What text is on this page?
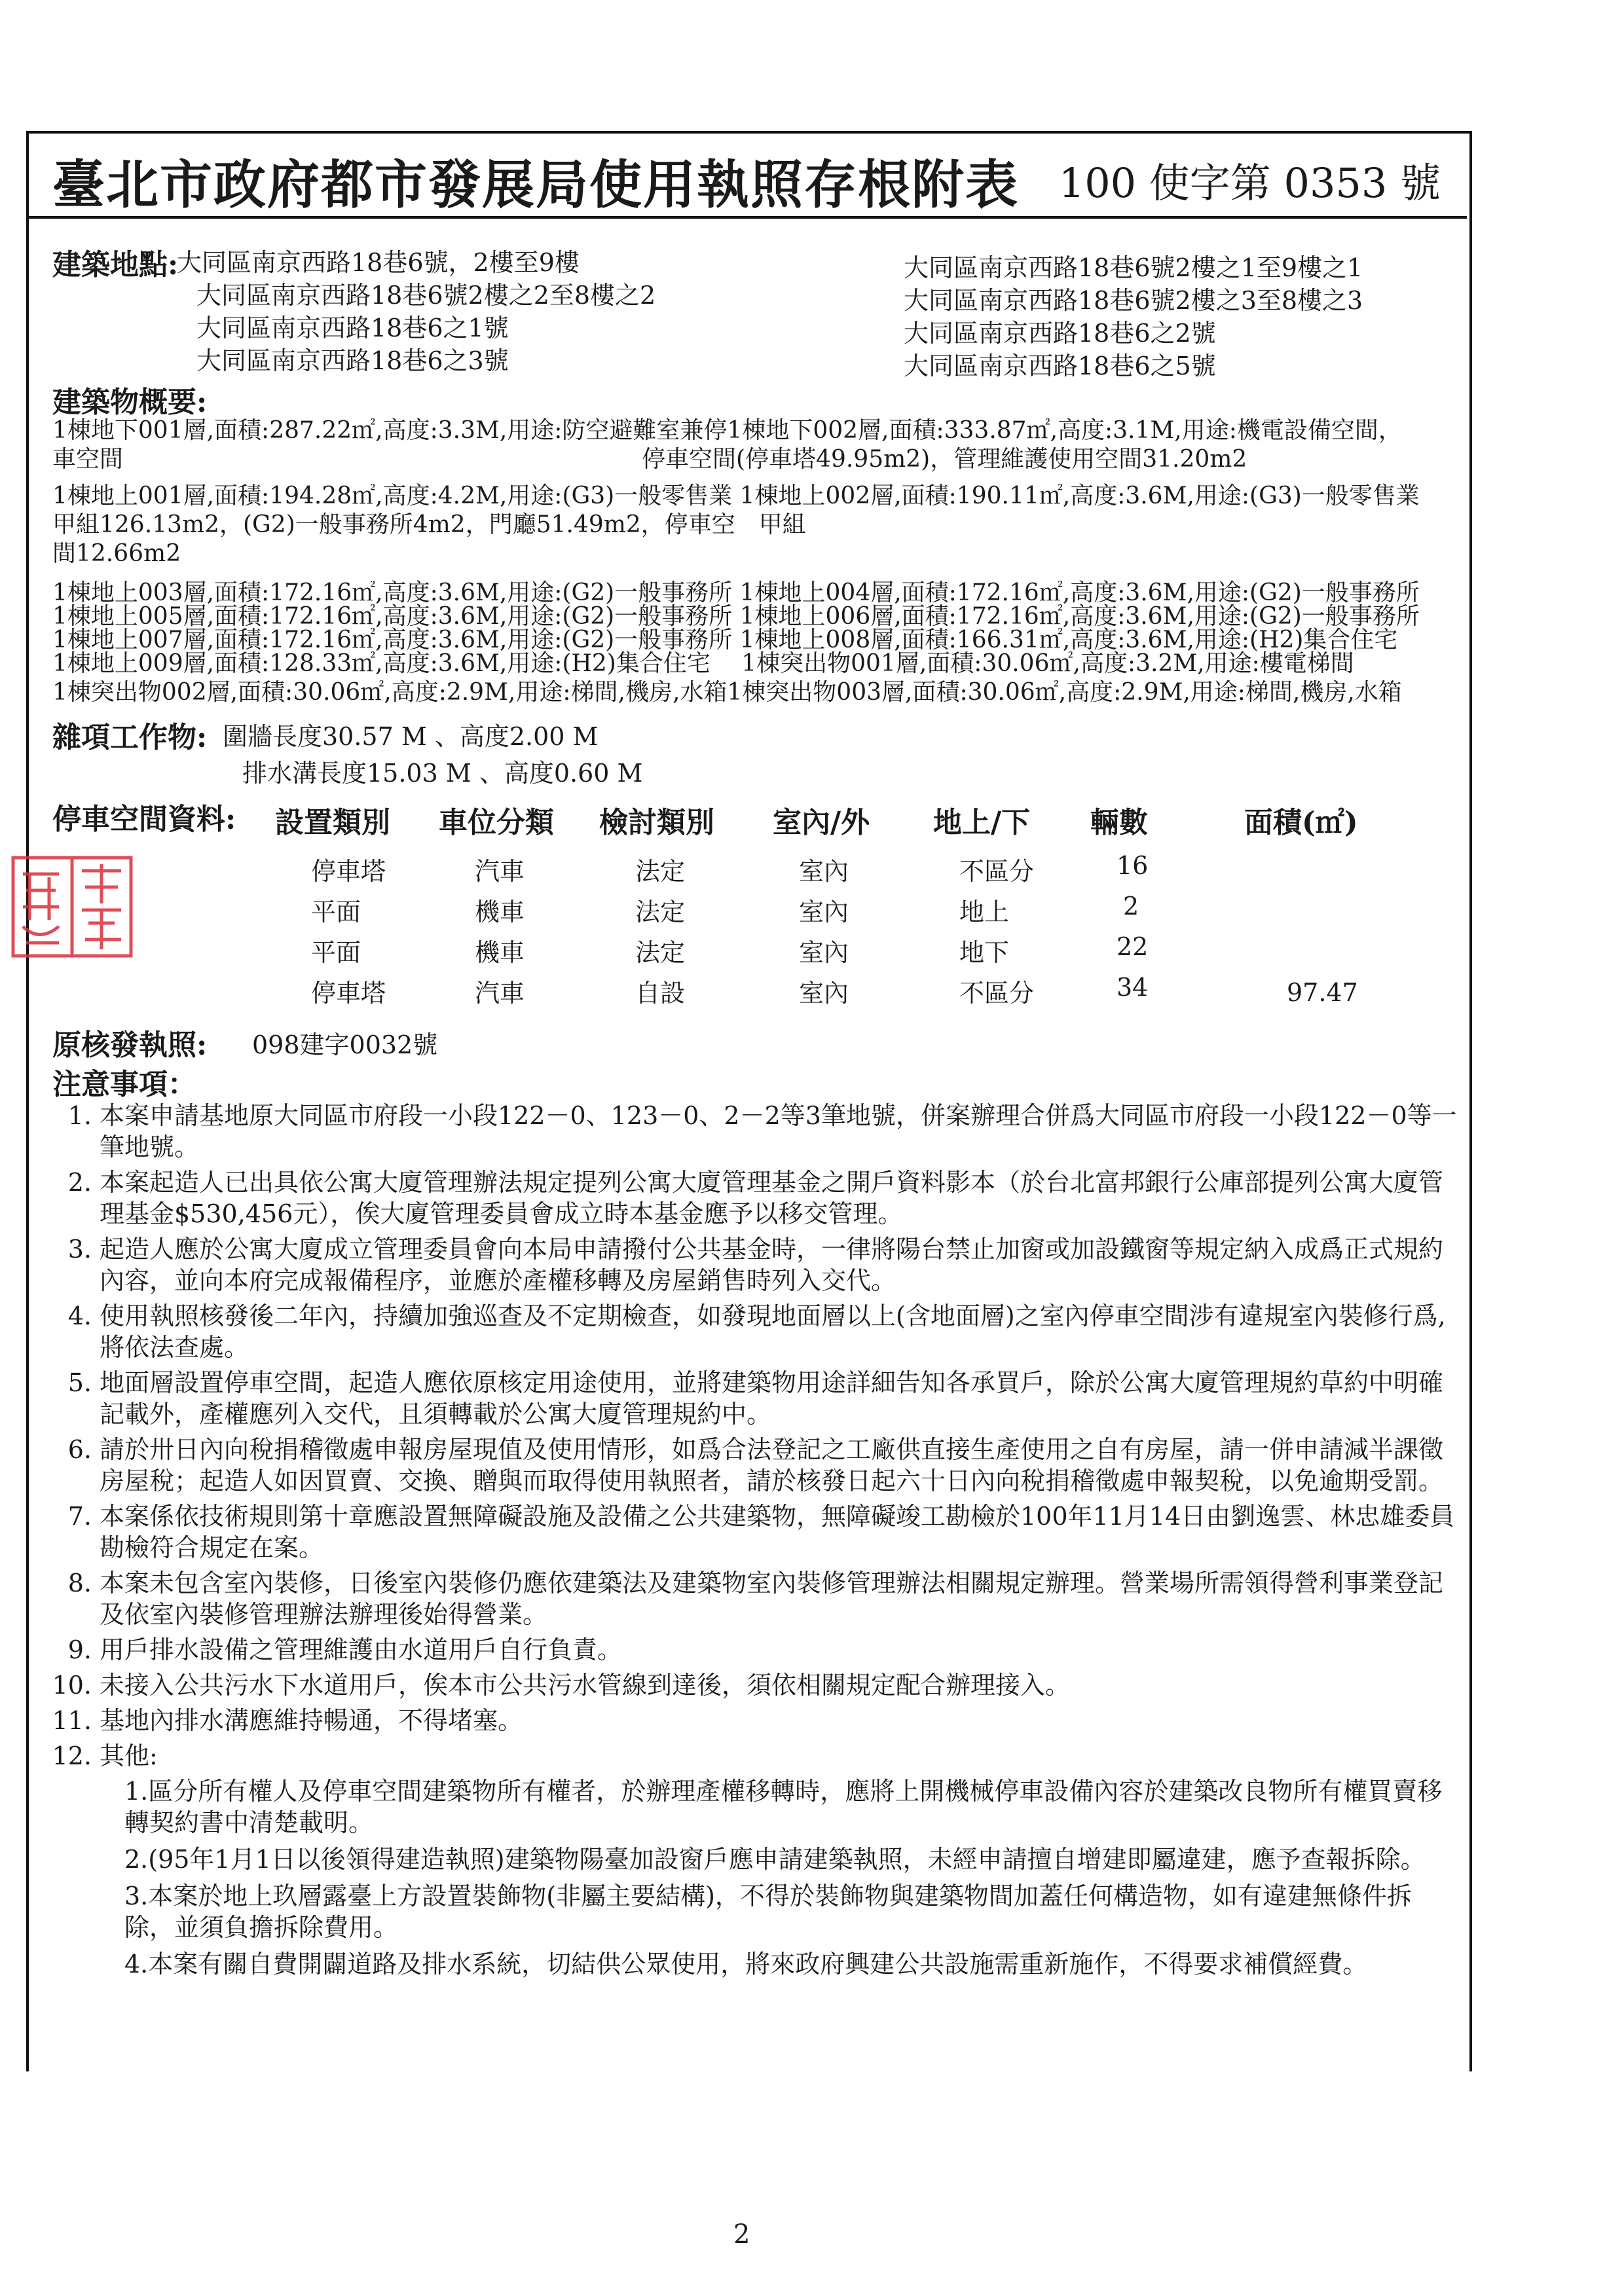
臺北市政府都市發展局使用執照存根附表 100 使字第 0353 號
建築地點:
大同區南京西路18巷6號，2樓至9樓
大同區南京西路18巷6號2樓之2至8樓之2
大同區南京西路18巷6之1號
大同區南京西路18巷6之3號
大同區南京西路18巷6號2樓之1至9樓之1
大同區南京西路18巷6號2樓之3至8樓之3
大同區南京西路18巷6之2號
大同區南京西路18巷6之5號
建築物概要:
1棟地下001層,面積:287.22㎡,高度:3.3M,用途:防空避難室兼停1棟地下002層,面積:333.87㎡,高度:3.1M,用途:機電設備空間，
車空間　　　　　　　　　　　　　　　　　　　　　　停車空間(停車塔49.95m2)，管理維護使用空間31.20m2
1棟地上001層,面積:194.28㎡,高度:4.2M,用途:(G3)一般零售業 1棟地上002層,面積:190.11㎡,高度:3.6M,用途:(G3)一般零售業
甲組126.13m2，(G2)一般事務所4m2，門廳51.49m2，停車空　甲組
間12.66m2
1棟地上003層,面積:172.16㎡,高度:3.6M,用途:(G2)一般事務所 1棟地上004層,面積:172.16㎡,高度:3.6M,用途:(G2)一般事務所
1棟地上005層,面積:172.16㎡,高度:3.6M,用途:(G2)一般事務所 1棟地上006層,面積:172.16㎡,高度:3.6M,用途:(G2)一般事務所
1棟地上007層,面積:172.16㎡,高度:3.6M,用途:(G2)一般事務所 1棟地上008層,面積:166.31㎡,高度:3.6M,用途:(H2)集合住宅
1棟地上009層,面積:128.33㎡,高度:3.6M,用途:(H2)集合住宅　 1棟突出物001層,面積:30.06㎡,高度:3.2M,用途:樓電梯間
1棟突出物002層,面積:30.06㎡,高度:2.9M,用途:梯間,機房,水箱1棟突出物003層,面積:30.06㎡,高度:2.9M,用途:梯間,機房,水箱
雜項工作物: 圍牆長度30.57 M 、高度2.00 M
排水溝長度15.03 M 、高度0.60 M
停車空間資料: 設置類別 車位分類 檢討類別 室內/外 地上/下 輛數	面積(㎡)
停車塔	汽車	法定	室內	不區分	16
平面	機車	法定	室內	地上	2
平面	機車	法定	室內	地下	22
停車塔	汽車	自設	室內	不區分	34	97.47
原核發執照: 098建字0032號
注意事項：
1. 本案申請基地原大同區市府段一小段122－0、123－0、2－2等3筆地號，併案辦理合併爲大同區市府段一小段122－0等一筆地號。
2. 本案起造人已出具依公寓大廈管理辦法規定提列公寓大廈管理基金之開戶資料影本（於台北富邦銀行公庫部提列公寓大廈管理基金$530,456元），俟大廈管理委員會成立時本基金應予以移交管理。
3. 起造人應於公寓大廈成立管理委員會向本局申請撥付公共基金時，一律將陽台禁止加窗或加設鐵窗等規定納入成爲正式規約內容，並向本府完成報備程序，並應於產權移轉及房屋銷售時列入交代。
4. 使用執照核發後二年內，持續加強巡查及不定期檢查，如發現地面層以上(含地面層)之室內停車空間涉有違規室內裝修行爲,將依法查處。
5. 地面層設置停車空間，起造人應依原核定用途使用，並將建築物用途詳細告知各承買戶，除於公寓大廈管理規約草約中明確記載外，產權應列入交代，且須轉載於公寓大廈管理規約中。
6. 請於卅日內向稅捐稽徵處申報房屋現值及使用情形，如爲合法登記之工廠供直接生產使用之自有房屋，請一併申請減半課徵房屋稅；起造人如因買賣、交換、贈與而取得使用執照者，請於核發日起六十日內向稅捐稽徵處申報契稅，以免逾期受罰。
7. 本案係依技術規則第十章應設置無障礙設施及設備之公共建築物，無障礙竣工勘檢於100年11月14日由劉逸雲、林忠雄委員勘檢符合規定在案。
8. 本案未包含室內裝修，日後室內裝修仍應依建築法及建築物室內裝修管理辦法相關規定辦理。營業場所需領得營利事業登記及依室內裝修管理辦法辦理後始得營業。
9. 用戶排水設備之管理維護由水道用戶自行負責。
10. 未接入公共污水下水道用戶，俟本市公共污水管線到達後，須依相關規定配合辦理接入。
11. 基地內排水溝應維持暢通，不得堵塞。
12. 其他:
1.區分所有權人及停車空間建築物所有權者，於辦理產權移轉時，應將上開機械停車設備內容於建築改良物所有權買賣移轉契約書中清楚載明。
2.(95年1月1日以後領得建造執照)建築物陽臺加設窗戶應申請建築執照，未經申請擅自增建即屬違建，應予查報拆除。
3.本案於地上玖層露臺上方設置裝飾物(非屬主要結構)，不得於裝飾物與建築物間加蓋任何構造物，如有違建無條件拆除，並須負擔拆除費用。
4.本案有關自費開闢道路及排水系統，切結供公眾使用，將來政府興建公共設施需重新施作，不得要求補償經費。
2
